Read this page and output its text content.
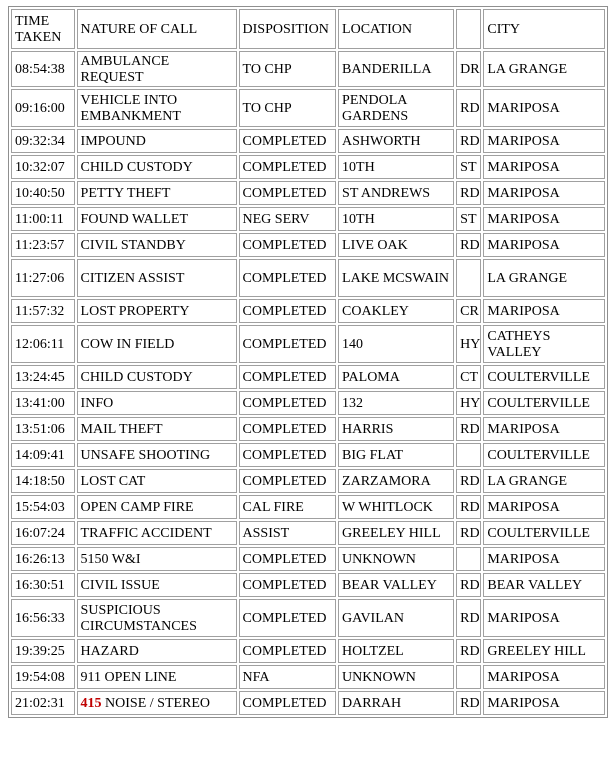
TIME TAKEN	NATURE OF CALL	DISPOSITION	LOCATION		CITY
08:54:38	AMBULANCE REQUEST	TO CHP	BANDERILLA	DR	LA GRANGE
09:16:00	VEHICLE INTO EMBANKMENT	TO CHP	PENDOLA GARDENS	RD	MARIPOSA
09:32:34	IMPOUND	COMPLETED	ASHWORTH	RD	MARIPOSA
10:32:07	CHILD CUSTODY	COMPLETED	10TH	ST	MARIPOSA
10:40:50	PETTY THEFT	COMPLETED	ST ANDREWS	RD	MARIPOSA
11:00:11	FOUND WALLET	NEG SERV	10TH	ST	MARIPOSA
11:23:57	CIVIL STANDBY	COMPLETED	LIVE OAK	RD	MARIPOSA
11:27:06	CITIZEN ASSIST	COMPLETED	LAKE MCSWAIN		LA GRANGE
11:57:32	LOST PROPERTY	COMPLETED	COAKLEY	CR	MARIPOSA
12:06:11	COW IN FIELD	COMPLETED	140	HY	CATHEYS VALLEY
13:24:45	CHILD CUSTODY	COMPLETED	PALOMA	CT	COULTERVILLE
13:41:00	INFO	COMPLETED	132	HY	COULTERVILLE
13:51:06	MAIL THEFT	COMPLETED	HARRIS	RD	MARIPOSA
14:09:41	UNSAFE SHOOTING	COMPLETED	BIG FLAT		COULTERVILLE
14:18:50	LOST CAT	COMPLETED	ZARZAMORA	RD	LA GRANGE
15:54:03	OPEN CAMP FIRE	CAL FIRE	W WHITLOCK	RD	MARIPOSA
16:07:24	TRAFFIC ACCIDENT	ASSIST	GREELEY HILL	RD	COULTERVILLE
16:26:13	5150 W&I	COMPLETED	UNKNOWN		MARIPOSA
16:30:51	CIVIL ISSUE	COMPLETED	BEAR VALLEY	RD	BEAR VALLEY
16:56:33	SUSPICIOUS CIRCUMSTANCES	COMPLETED	GAVILAN	RD	MARIPOSA
19:39:25	HAZARD	COMPLETED	HOLTZEL	RD	GREELEY HILL
19:54:08	911 OPEN LINE	NFA	UNKNOWN		MARIPOSA
21:02:31	415 NOISE / STEREO	COMPLETED	DARRAH	RD	MARIPOSA
